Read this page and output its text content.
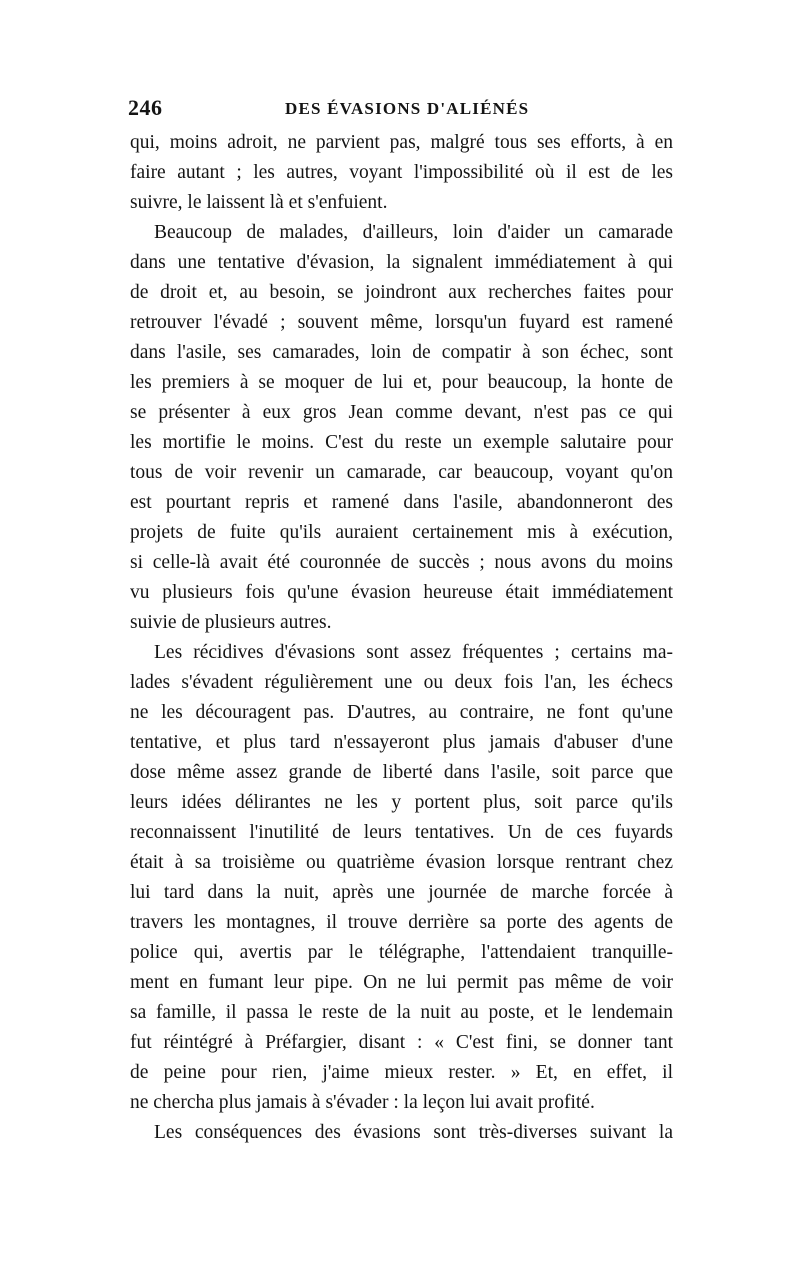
246	DES ÉVASIONS D'ALIÉNÉS
qui, moins adroit, ne parvient pas, malgré tous ses efforts, à en
faire autant ; les autres, voyant l'impossibilité où il est de les
suivre, le laissent là et s'enfuient.
Beaucoup de malades, d'ailleurs, loin d'aider un camarade
dans une tentative d'évasion, la signalent immédiatement à qui
de droit et, au besoin, se joindront aux recherches faites pour
retrouver l'évadé ; souvent même, lorsqu'un fuyard est ramené
dans l'asile, ses camarades, loin de compatir à son échec, sont
les premiers à se moquer de lui et, pour beaucoup, la honte de
se présenter à eux gros Jean comme devant, n'est pas ce qui
les mortifie le moins. C'est du reste un exemple salutaire pour
tous de voir revenir un camarade, car beaucoup, voyant qu'on
est pourtant repris et ramené dans l'asile, abandonneront des
projets de fuite qu'ils auraient certainement mis à exécution,
si celle-là avait été couronnée de succès ; nous avons du moins
vu plusieurs fois qu'une évasion heureuse était immédiatement
suivie de plusieurs autres.
Les récidives d'évasions sont assez fréquentes ; certains ma-
lades s'évadent régulièrement une ou deux fois l'an, les échecs
ne les découragent pas. D'autres, au contraire, ne font qu'une
tentative, et plus tard n'essayeront plus jamais d'abuser d'une
dose même assez grande de liberté dans l'asile, soit parce que
leurs idées délirantes ne les y portent plus, soit parce qu'ils
reconnaissent l'inutilité de leurs tentatives. Un de ces fuyards
était à sa troisième ou quatrième évasion lorsque rentrant chez
lui tard dans la nuit, après une journée de marche forcée à
travers les montagnes, il trouve derrière sa porte des agents de
police qui, avertis par le télégraphe, l'attendaient tranquille-
ment en fumant leur pipe. On ne lui permit pas même de voir
sa famille, il passa le reste de la nuit au poste, et le lendemain
fut réintégré à Préfargier, disant : « C'est fini, se donner tant
de peine pour rien, j'aime mieux rester. » Et, en effet, il
ne chercha plus jamais à s'évader : la leçon lui avait profité.
Les conséquences des évasions sont très-diverses suivant la
